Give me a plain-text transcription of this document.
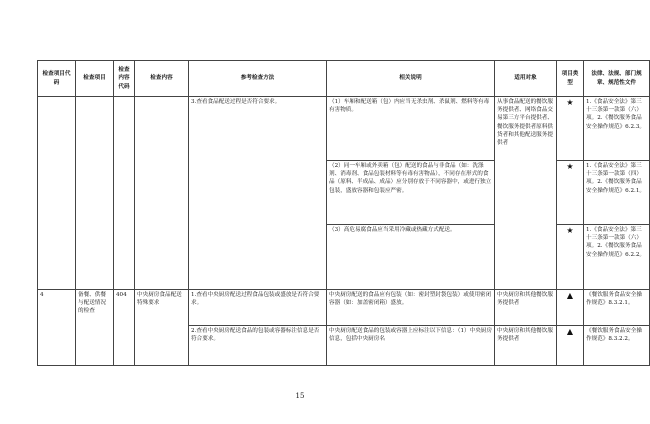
检查项目代码	检查项目	检查内容代码	检查内容	参考检查方法	相关说明	适用对象	项目类型	法律、法规、部门规章、规范性文件
				3.查看食品配送过程是否符合要求。	（1）车厢和配送箱（包）内应当无杀虫剂、杀鼠剂、燃料等有毒有害物质。	从事食品配送的餐饮服务提供者、网络食品交易第三方平台提供者、餐饮服务提供者原料供货者和其他配送服务提供者	★	1.《食品安全法》第三十三条第一款第（六）项。2.《餐饮服务食品安全操作规范》6.2.3。
					（2）同一车厢或外卖箱（包）配送的食品与非食品（如：洗涤剂、消毒剂、食品包装材料等有毒有害物品），不同存在形式的食品（原料、半成品、成品）应分别存放于不同容器中，或进行独立包装，盛放容器和包装应严密。		★	1.《食品安全法》第三十三条第一款第（四）项。2.《餐饮服务食品安全操作规范》6.2.1。
					（3）高危易腐食品应当采用冷藏或热藏方式配送。		★	1.《食品安全法》第三十三条第一款第（六）项。2.《餐饮服务食品安全操作规范》6.2.2。
4	备餐、供餐与配送情况的检查	404	中央厨房食品配送特殊要求	1.查看中央厨房配送过程食品包装或盛放是否符合要求。	中央厨房配送的食品应有包装（如：密封塑封袋包装）或使用密闭容器（如：加盖密闭箱）盛放。	中央厨房和其他餐饮服务提供者	▲	《餐饮服务食品安全操作规范》8.3.2.1。
				2.查看中央厨房配送食品的包装或容器标注信息是否符合要求。	中央厨房配送食品的包装或容器上应标注以下信息：（1）中央厨房信息，包括中央厨房名	中央厨房和其他餐饮服务提供者	▲	《餐饮服务食品安全操作规范》8.3.2.2。
15
